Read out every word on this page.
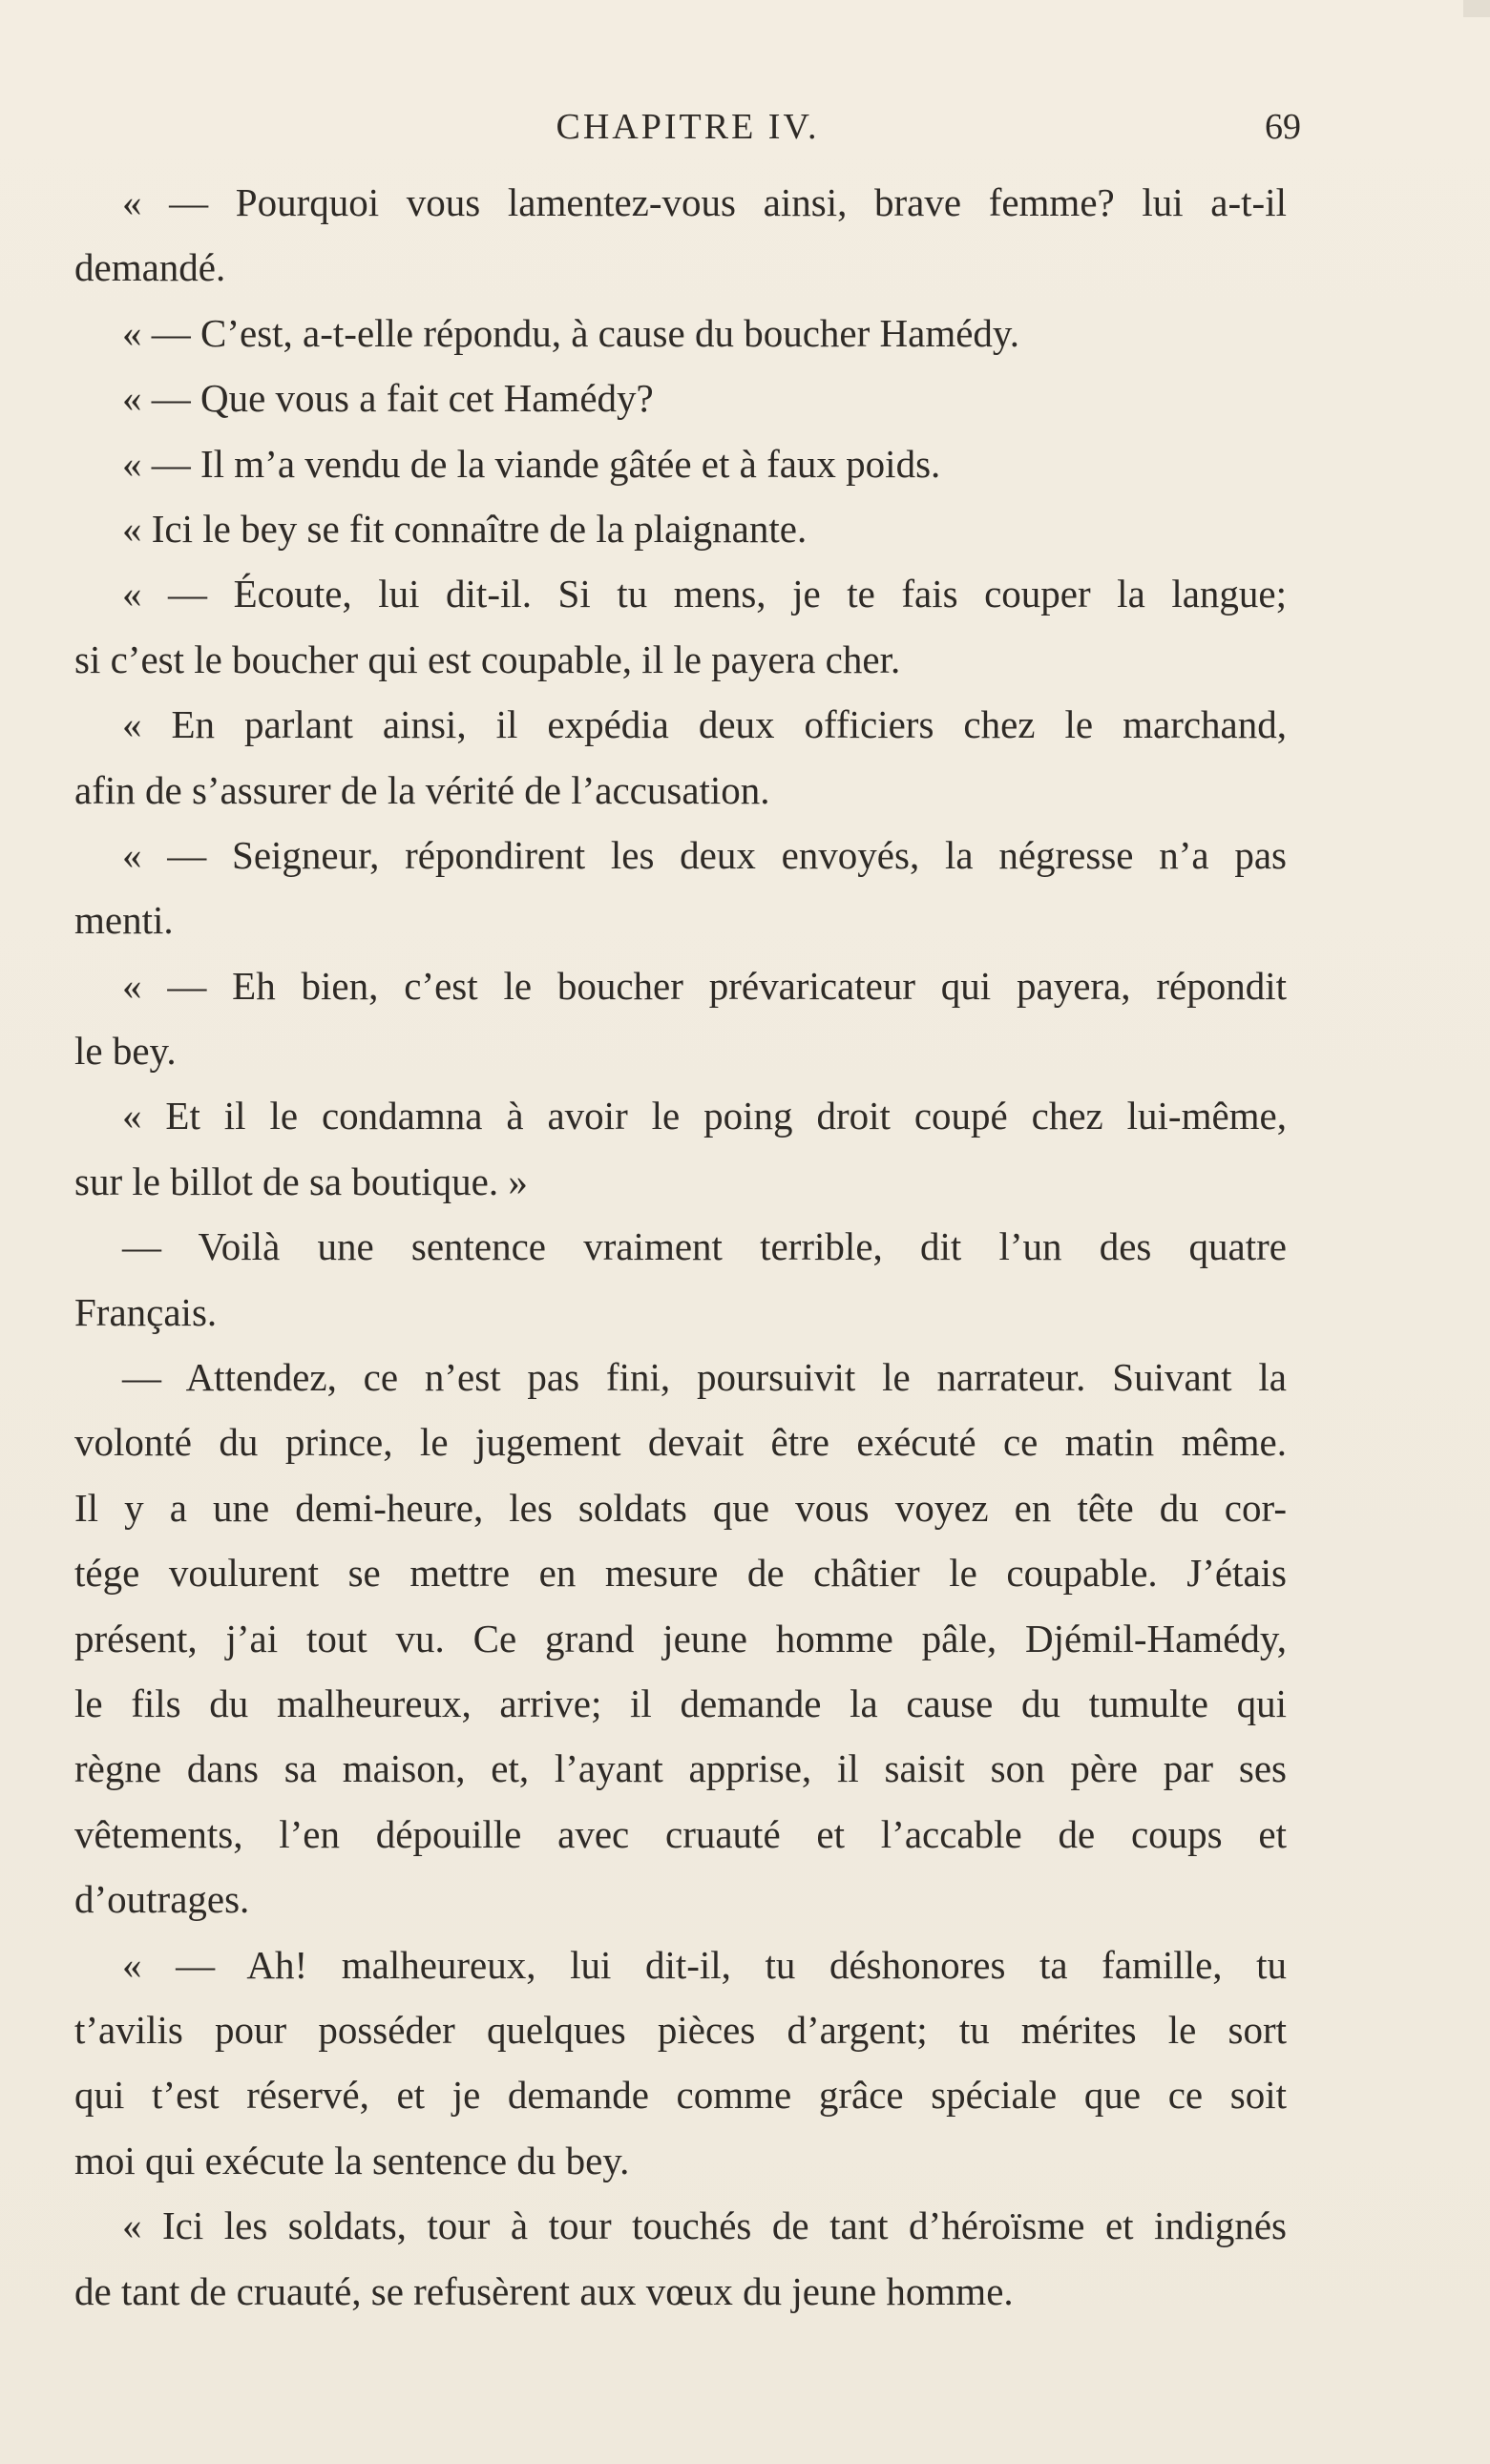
CHAPITRE IV.	69
« — Pourquoi vous lamentez-vous ainsi, brave femme? lui a-t-il
demandé.
« — C’est, a-t-elle répondu, à cause du boucher Hamédy.
« — Que vous a fait cet Hamédy?
« — Il m’a vendu de la viande gâtée et à faux poids.
« Ici le bey se fit connaître de la plaignante.
« — Écoute, lui dit-il. Si tu mens, je te fais couper la langue;
si c’est le boucher qui est coupable, il le payera cher.
« En parlant ainsi, il expédia deux officiers chez le marchand,
afin de s’assurer de la vérité de l’accusation.
« — Seigneur, répondirent les deux envoyés, la négresse n’a pas
menti.
« — Eh bien, c’est le boucher prévaricateur qui payera, répondit
le bey.
« Et il le condamna à avoir le poing droit coupé chez lui-même,
sur le billot de sa boutique. »
— Voilà une sentence vraiment terrible, dit l’un des quatre
Français.
— Attendez, ce n’est pas fini, poursuivit le narrateur. Suivant la
volonté du prince, le jugement devait être exécuté ce matin même.
Il y a une demi-heure, les soldats que vous voyez en tête du cor-
tége voulurent se mettre en mesure de châtier le coupable. J’étais
présent, j’ai tout vu. Ce grand jeune homme pâle, Djémil-Hamédy,
le fils du malheureux, arrive; il demande la cause du tumulte qui
règne dans sa maison, et, l’ayant apprise, il saisit son père par ses
vêtements, l’en dépouille avec cruauté et l’accable de coups et
d’outrages.
« — Ah! malheureux, lui dit-il, tu déshonores ta famille, tu
t’avilis pour posséder quelques pièces d’argent; tu mérites le sort
qui t’est réservé, et je demande comme grâce spéciale que ce soit
moi qui exécute la sentence du bey.
« Ici les soldats, tour à tour touchés de tant d’héroïsme et indignés
de tant de cruauté, se refusèrent aux vœux du jeune homme.
